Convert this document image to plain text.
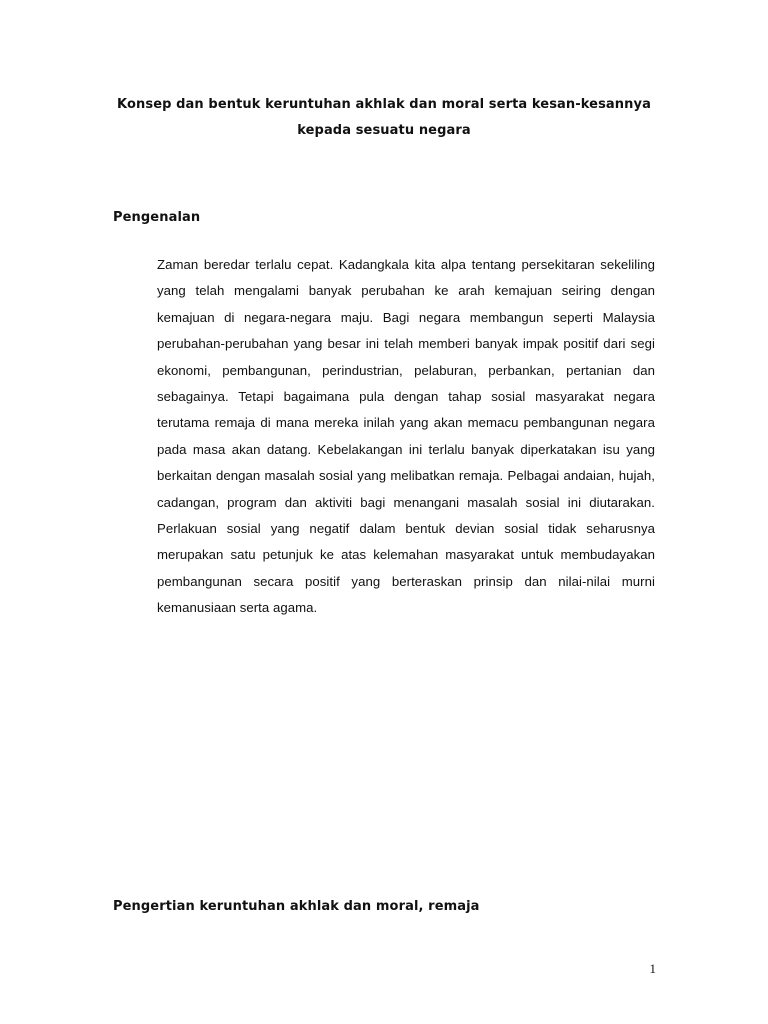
Konsep dan bentuk keruntuhan akhlak dan moral serta kesan-kesannya
kepada sesuatu negara
Pengenalan
Zaman beredar terlalu cepat. Kadangkala kita alpa tentang persekitaran sekeliling yang telah mengalami banyak perubahan ke arah kemajuan seiring dengan kemajuan di negara-negara maju. Bagi negara membangun seperti Malaysia perubahan-perubahan yang besar ini telah memberi banyak impak positif dari segi ekonomi, pembangunan, perindustrian, pelaburan, perbankan, pertanian dan sebagainya. Tetapi bagaimana pula dengan tahap sosial masyarakat negara terutama remaja di mana mereka inilah yang akan memacu pembangunan negara pada masa akan datang. Kebelakangan ini terlalu banyak diperkatakan isu yang berkaitan dengan masalah sosial yang melibatkan remaja. Pelbagai andaian, hujah, cadangan, program dan aktiviti bagi menangani masalah sosial ini diutarakan. Perlakuan sosial yang negatif dalam bentuk devian sosial tidak seharusnya merupakan satu petunjuk ke atas kelemahan masyarakat untuk membudayakan pembangunan secara positif yang berteraskan prinsip dan nilai-nilai murni kemanusiaan serta agama.
Pengertian keruntuhan akhlak dan moral, remaja
1
